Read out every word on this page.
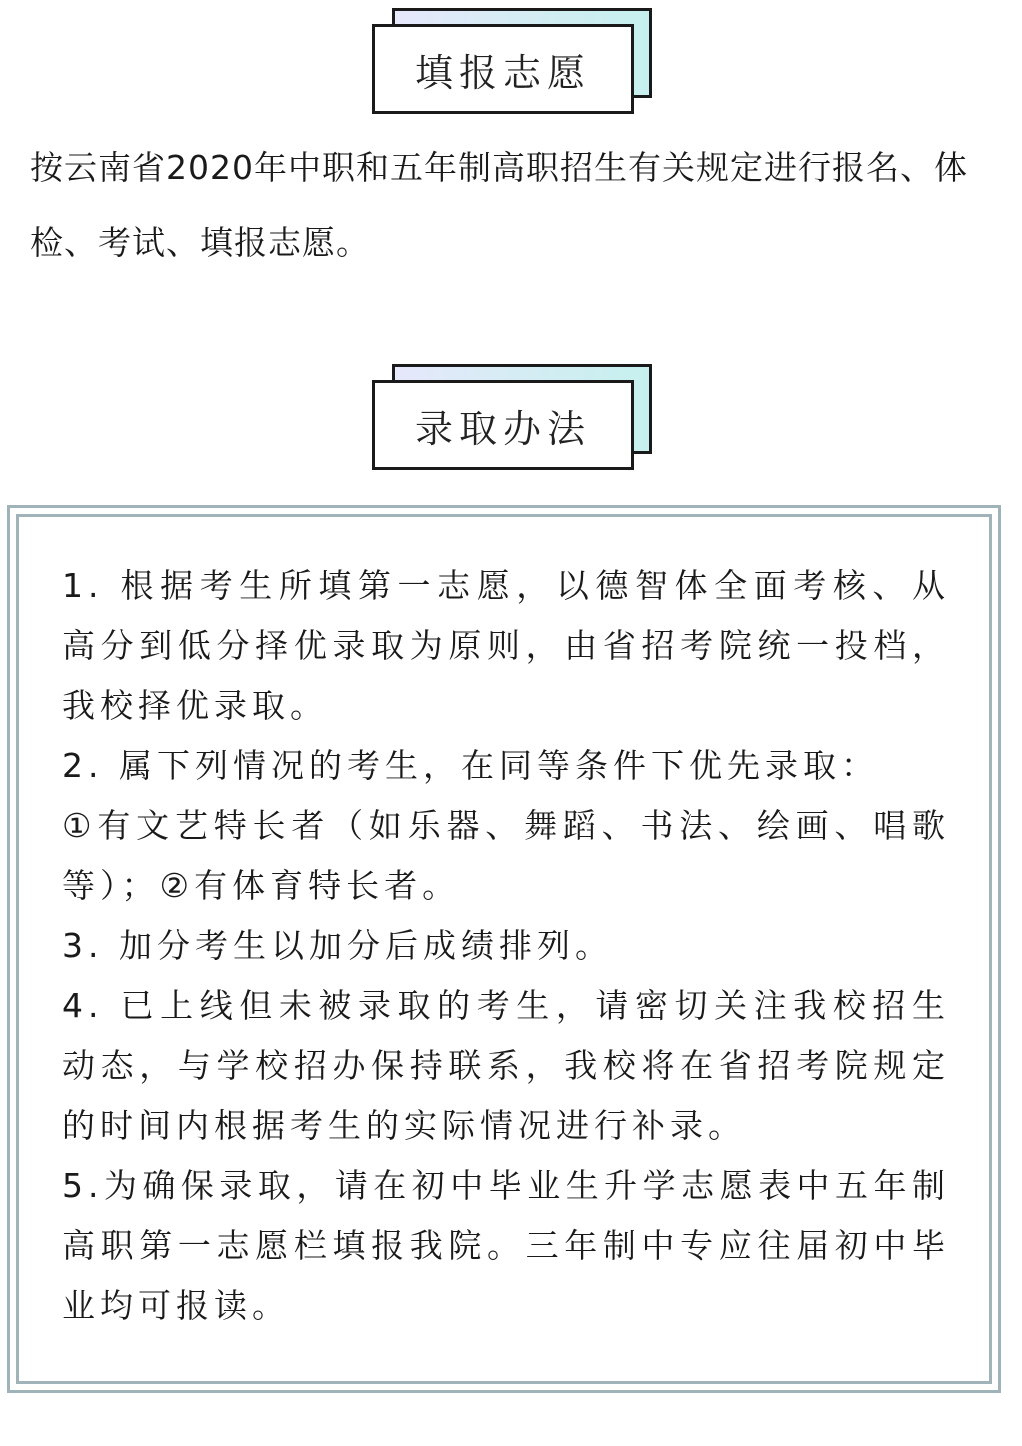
填报志愿

按云南省2020年中职和五年制高职招生有关规定进行报名、体检、考试、填报志愿。

录取办法

1. 根据考生所填第一志愿，以德智体全面考核、从高分到低分择优录取为原则，由省招考院统一投档，我校择优录取。

2. 属下列情况的考生，在同等条件下优先录取：

①有文艺特长者（如乐器、舞蹈、书法、绘画、唱歌等）；②有体育特长者。

3. 加分考生以加分后成绩排列。

4. 已上线但未被录取的考生，请密切关注我校招生动态，与学校招办保持联系，我校将在省招考院规定的时间内根据考生的实际情况进行补录。

5.为确保录取，请在初中毕业生升学志愿表中五年制高职第一志愿栏填报我院。三年制中专应往届初中毕业均可报读。
